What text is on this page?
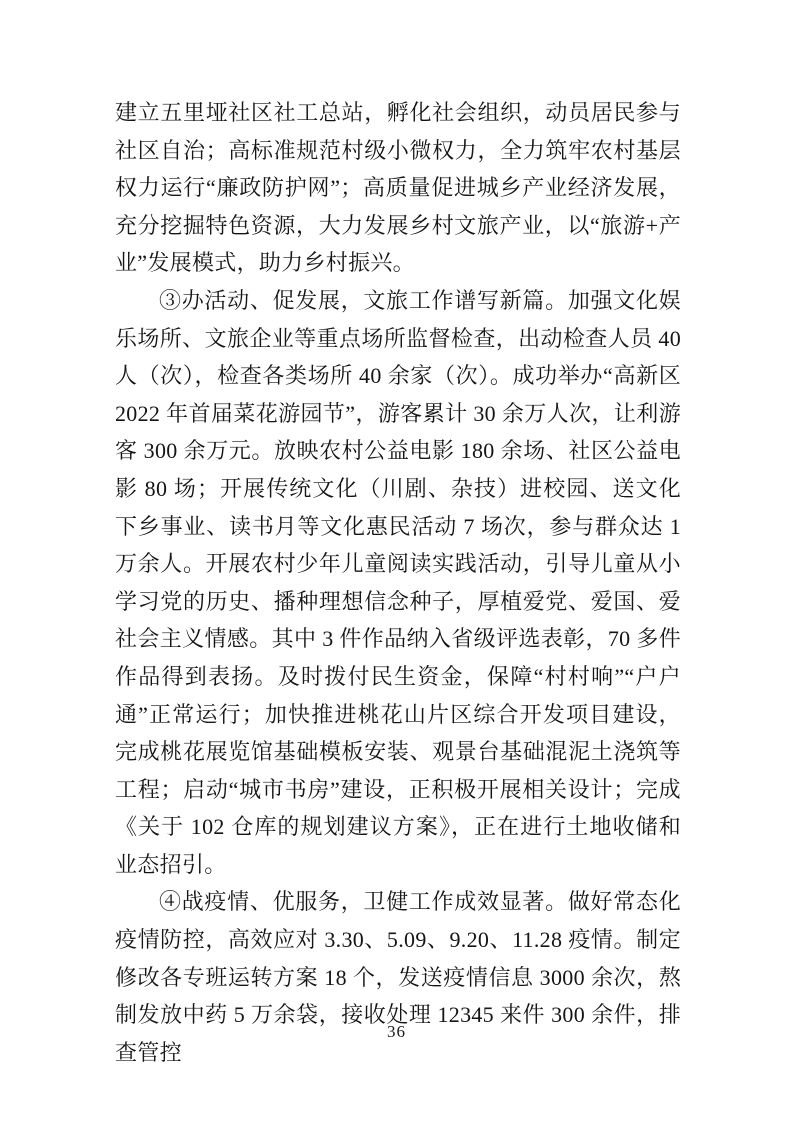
建立五里垭社区社工总站，孵化社会组织，动员居民参与社区自治；高标准规范村级小微权力，全力筑牢农村基层权力运行“廉政防护网”；高质量促进城乡产业经济发展，充分挖掘特色资源，大力发展乡村文旅产业，以“旅游+产业”发展模式，助力乡村振兴。

③办活动、促发展，文旅工作谱写新篇。加强文化娱乐场所、文旅企业等重点场所监督检查，出动检查人员 40 人（次），检查各类场所 40 余家（次）。成功举办“高新区 2022 年首届菜花游园节”，游客累计 30 余万人次，让利游客 300 余万元。放映农村公益电影 180 余场、社区公益电影 80 场；开展传统文化（川剧、杂技）进校园、送文化下乡事业、读书月等文化惠民活动 7 场次，参与群众达 1 万余人。开展农村少年儿童阅读实践活动，引导儿童从小学习党的历史、播种理想信念种子，厚植爱党、爱国、爱社会主义情感。其中 3 件作品纳入省级评选表彰，70 多件作品得到表扬。及时拨付民生资金，保障“村村响”“户户通”正常运行；加快推进桃花山片区综合开发项目建设，完成桃花展览馆基础模板安装、观景台基础混泥土浇筑等工程；启动“城市书房”建设，正积极开展相关设计；完成《关于 102 仓库的规划建议方案》，正在进行土地收储和业态招引。

④战疫情、优服务，卫健工作成效显著。做好常态化疫情防控，高效应对 3.30、5.09、9.20、11.28 疫情。制定修改各专班运转方案 18 个，发送疫情信息 3000 余次，熬制发放中药 5 万余袋，接收处理 12345 来件 300 余件，排查管控

36
